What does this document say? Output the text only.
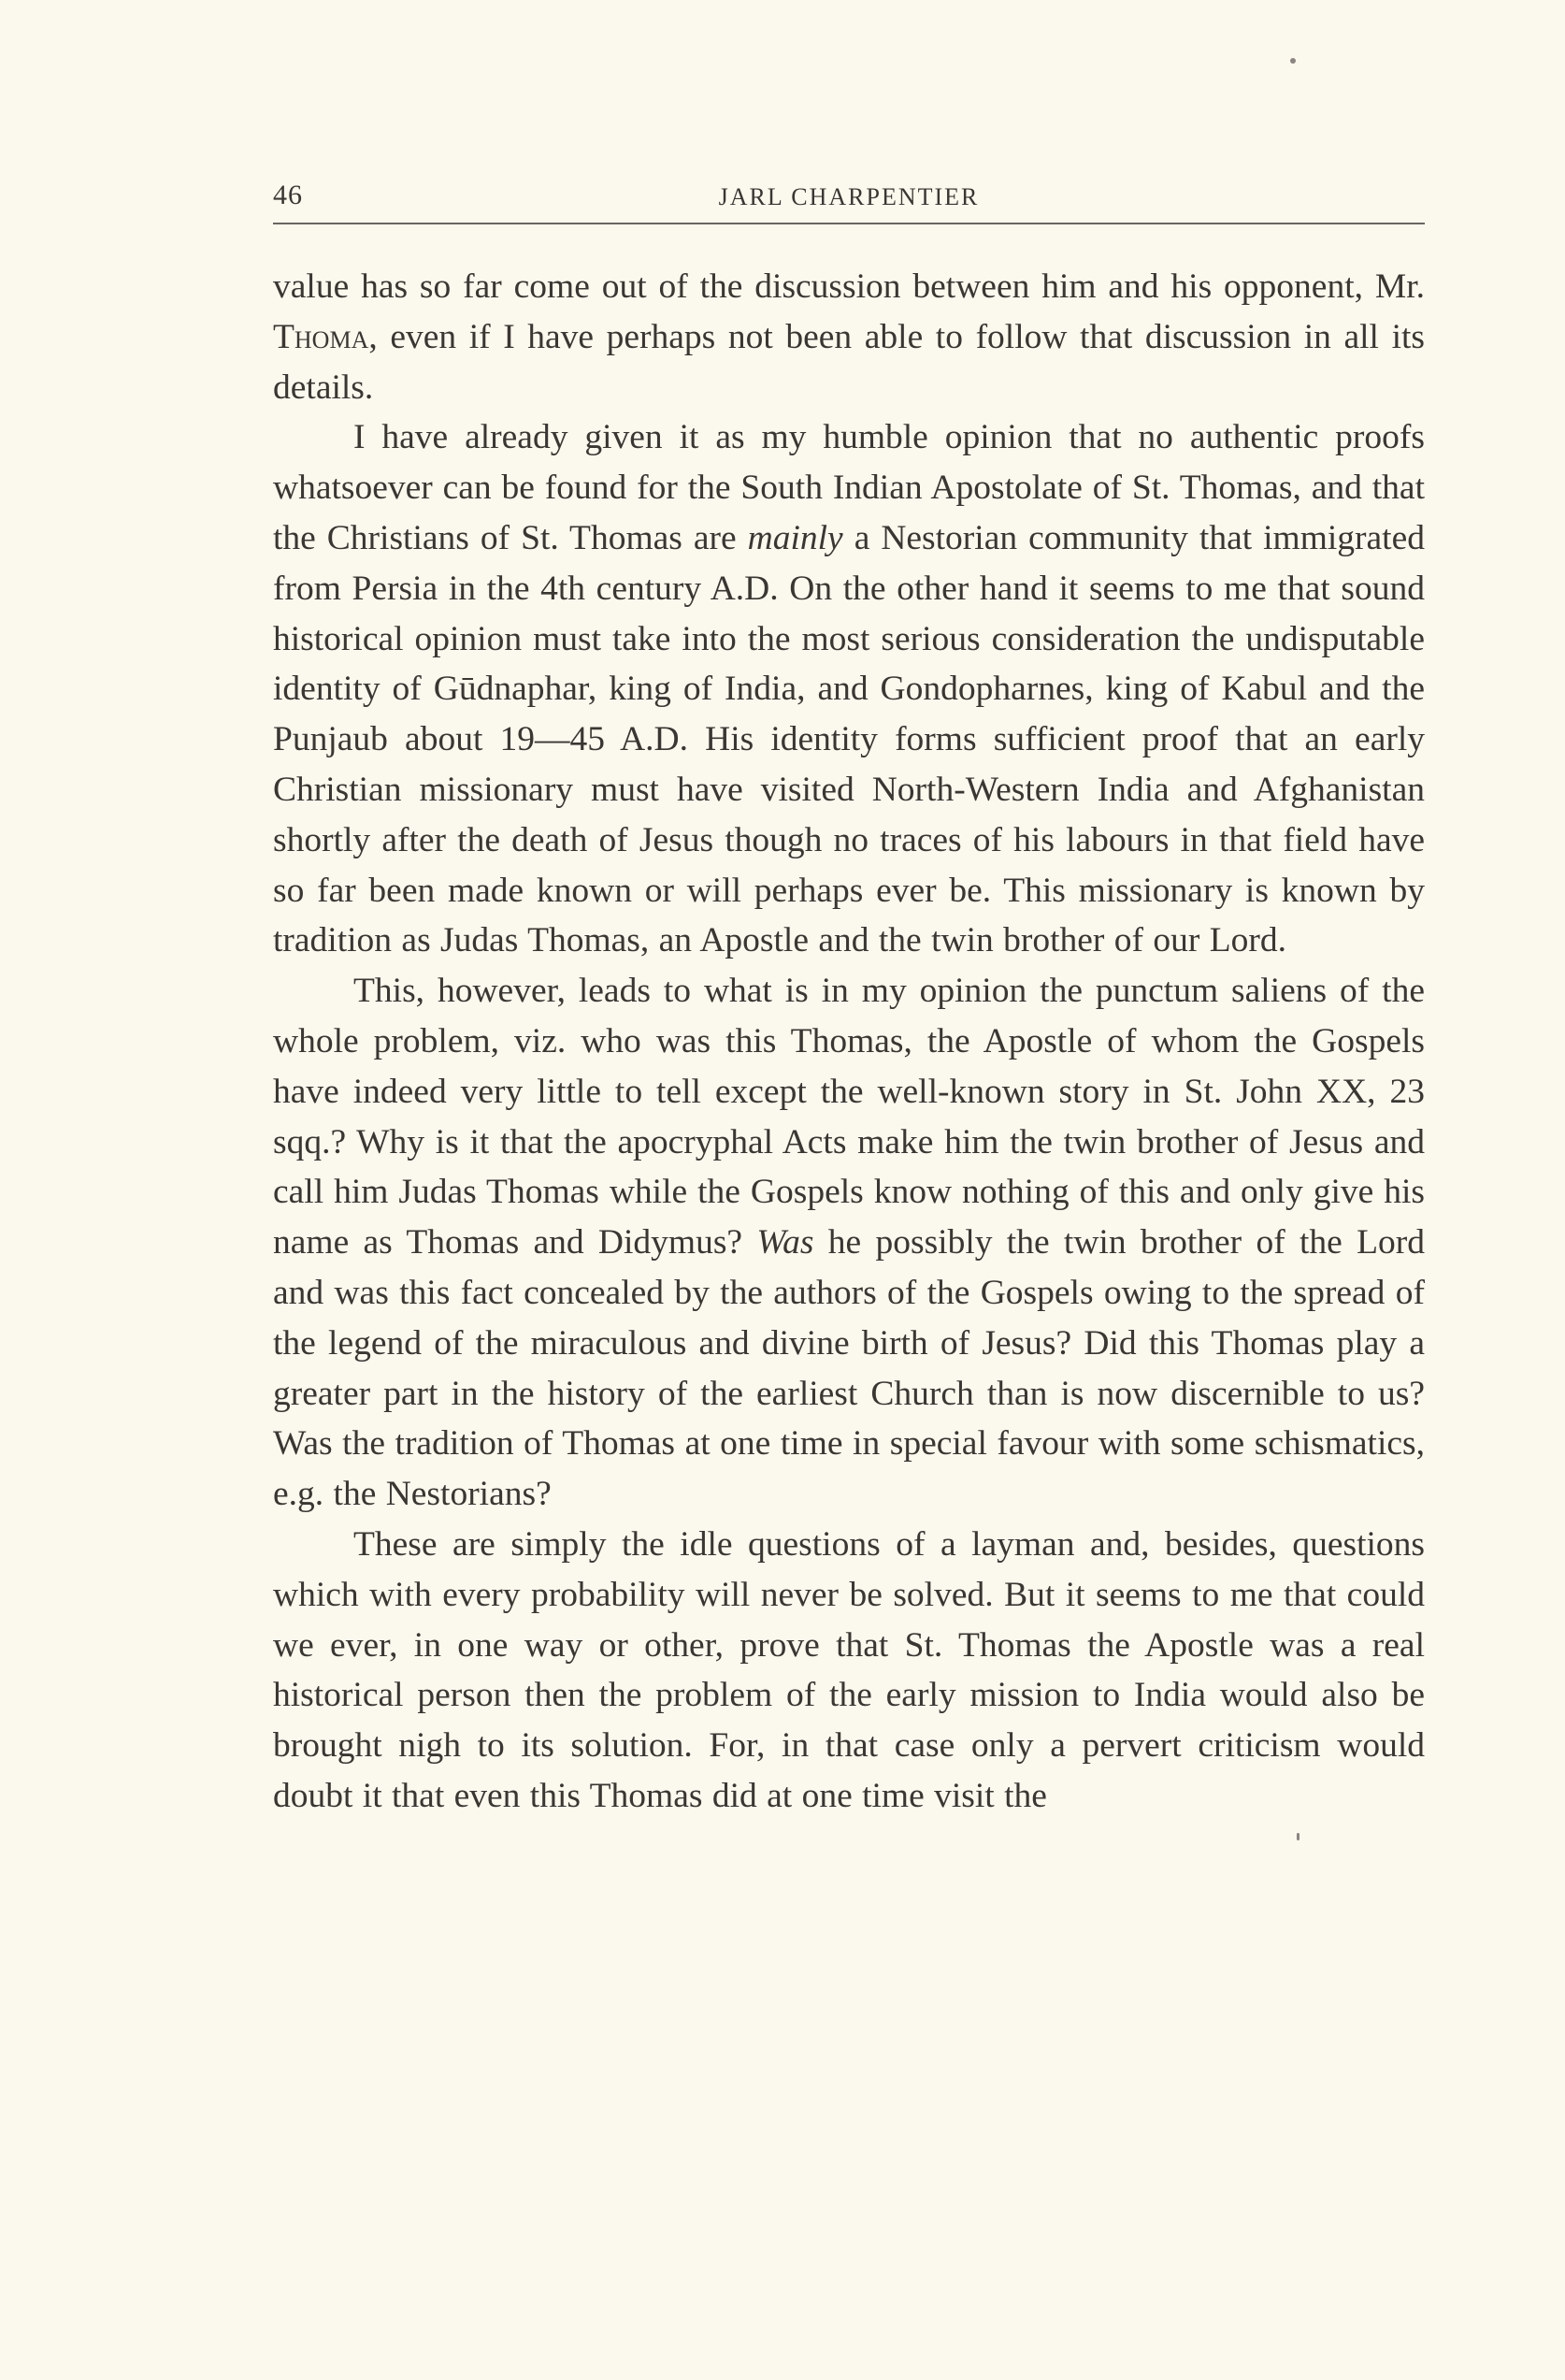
46	JARL CHARPENTIER

value has so far come out of the discussion between him and his opponent, Mr. Thoma, even if I have perhaps not been able to follow that discussion in all its details.

I have already given it as my humble opinion that no authentic proofs whatsoever can be found for the South Indian Apostolate of St. Thomas, and that the Christians of St. Thomas are mainly a Nestorian community that immigrated from Persia in the 4th century A.D. On the other hand it seems to me that sound historical opinion must take into the most serious consideration the undisputable identity of Gūdnaphar, king of India, and Gondopharnes, king of Kabul and the Punjaub about 19—45 A.D. His identity forms sufficient proof that an early Christian missionary must have visited North-Western India and Afghanistan shortly after the death of Jesus though no traces of his labours in that field have so far been made known or will perhaps ever be. This missionary is known by tradition as Judas Thomas, an Apostle and the twin brother of our Lord.

This, however, leads to what is in my opinion the punctum saliens of the whole problem, viz. who was this Thomas, the Apostle of whom the Gospels have indeed very little to tell except the well-known story in St. John XX, 23 sqq.? Why is it that the apocryphal Acts make him the twin brother of Jesus and call him Judas Thomas while the Gospels know nothing of this and only give his name as Thomas and Didymus? Was he possibly the twin brother of the Lord and was this fact concealed by the authors of the Gospels owing to the spread of the legend of the miraculous and divine birth of Jesus? Did this Thomas play a greater part in the history of the earliest Church than is now discernible to us? Was the tradition of Thomas at one time in special favour with some schismatics, e.g. the Nestorians?

These are simply the idle questions of a layman and, besides, questions which with every probability will never be solved. But it seems to me that could we ever, in one way or other, prove that St. Thomas the Apostle was a real historical person then the problem of the early mission to India would also be brought nigh to its solution. For, in that case only a pervert criticism would doubt it that even this Thomas did at one time visit the
